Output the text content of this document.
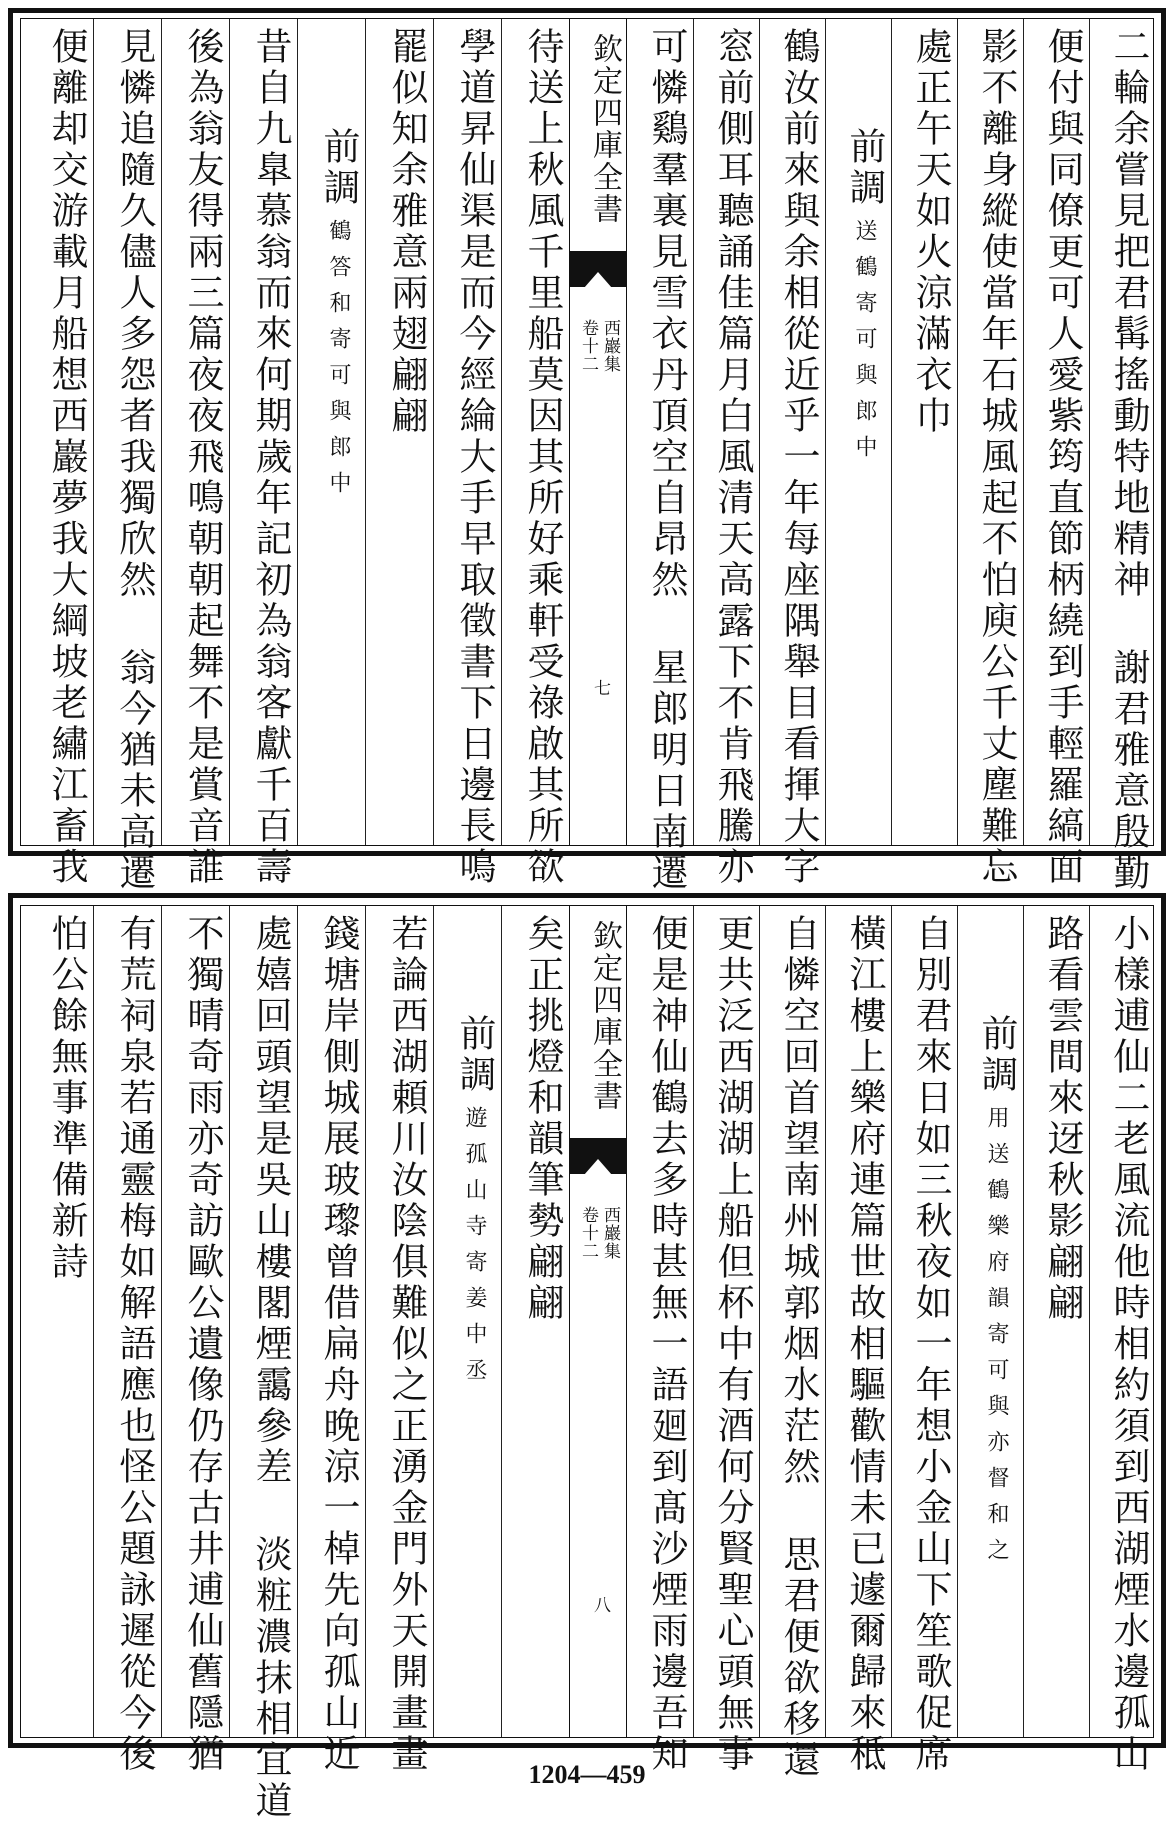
欽定四庫全書
西巖集
卷十二
七	二輪余嘗見把君髯搖動特地精神 謝君雅意殷勤
便付與同僚更可人愛紫筠直節柄繞到手輕羅縞面
影不離身縱使當年石城風起不怕庾公千丈塵難忘
處正午天如火涼滿衣巾
前調送鶴寄可與郎中
鶴汝前來與余相從近乎一年每座隅舉目看揮大字
窓前側耳聽誦佳篇月白風清天高露下不肯飛騰亦
可憐鷄羣裏見雪衣丹頂空自昂然 星郎明日南遷
待送上秋風千里船莫因其所好乘軒受祿啟其所欲
學道昇仙渠是而今經綸大手早取徵書下日邊長鳴
罷似知余雅意兩翅翩翩
前調鶴答和寄可與郎中
昔自九臯慕翁而來何期歲年記初為翁客獻千百壽
後為翁友得兩三篇夜夜飛鳴朝朝起舞不是賞音誰
見憐追隨久儘人多怨者我獨欣然 翁今猶未高遷
便離却交游載月船想西巖夢我大綱坡老繡江畜我
欽定四庫全書
西巖集
卷十二
八	小樣逋仙二老風流他時相約須到西湖煙水邊孤山
路看雲間來迓秋影翩翩
前調用送鶴樂府韻寄可與亦督和之
自別君來日如三秋夜如一年想小金山下笙歌促席
橫江樓上樂府連篇世故相驅歡情未已遽爾歸來秪
自憐空回首望南州城郭烟水茫然 思君便欲移還
更共泛西湖湖上船但杯中有酒何分賢聖心頭無事
便是神仙鶴去多時甚無一語廻到髙沙煙雨邊吾知
矣正挑燈和韻筆勢翩翩
前調遊孤山寺寄姜中丞
若論西湖頼川汝陰俱難似之正湧金門外天開畫畫
錢塘岸側城展玻瓈曾借扁舟晚涼一棹先向孤山近
處嬉回頭望是吳山樓閣煙靄參差 淡粧濃抹相宜道
不獨晴奇雨亦奇訪歐公遺像仍存古井逋仙舊隱猶
有荒祠泉若通靈梅如解語應也怪公題詠遲從今後
怕公餘無事準備新詩
1204—459
